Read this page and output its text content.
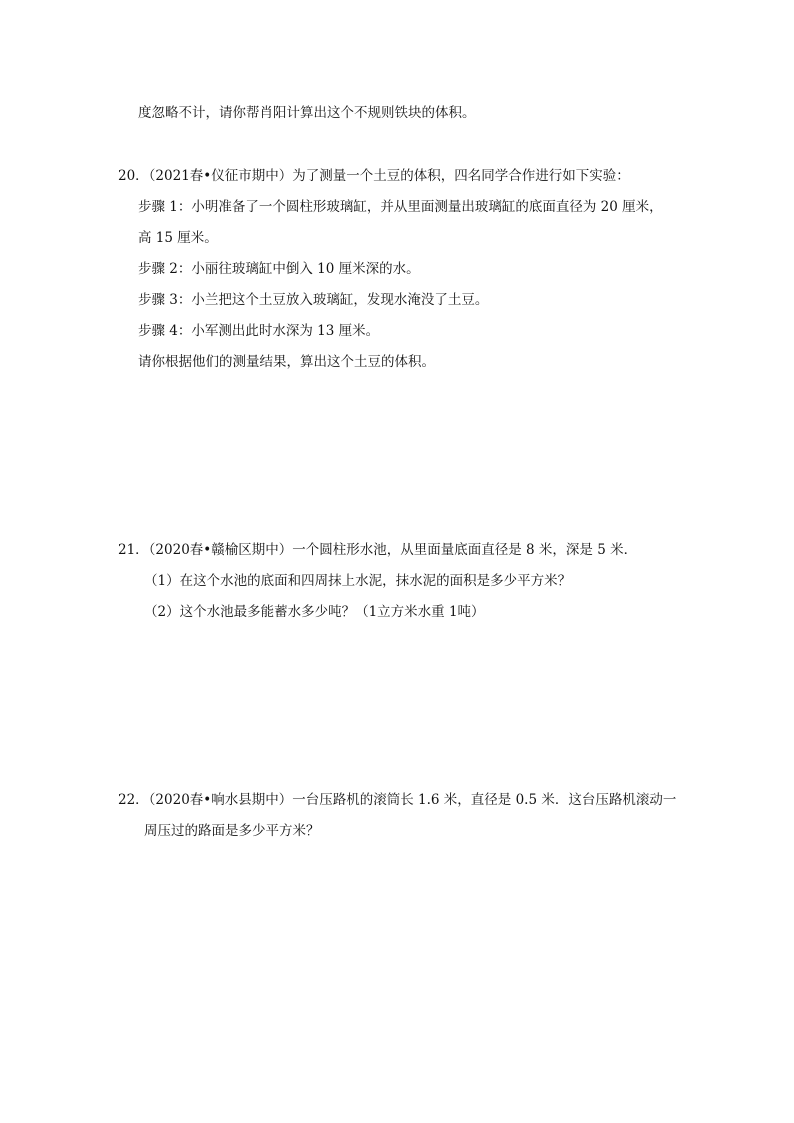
度忽略不计，请你帮肖阳计算出这个不规则铁块的体积。
20．（2021春•仪征市期中）为了测量一个土豆的体积，四名同学合作进行如下实验：
步骤 1：小明准备了一个圆柱形玻璃缸，并从里面测量出玻璃缸的底面直径为 20 厘米，
高 15 厘米。
步骤 2：小丽往玻璃缸中倒入 10 厘米深的水。
步骤 3：小兰把这个土豆放入玻璃缸，发现水淹没了土豆。
步骤 4：小军测出此时水深为 13 厘米。
请你根据他们的测量结果，算出这个土豆的体积。
21．（2020春•赣榆区期中）一个圆柱形水池，从里面量底面直径是 8 米，深是 5 米．
（1）在这个水池的底面和四周抹上水泥，抹水泥的面积是多少平方米？
（2）这个水池最多能蓄水多少吨？（1立方米水重 1吨）
22．（2020春•响水县期中）一台压路机的滚筒长 1.6 米，直径是 0.5 米．这台压路机滚动一
周压过的路面是多少平方米？
